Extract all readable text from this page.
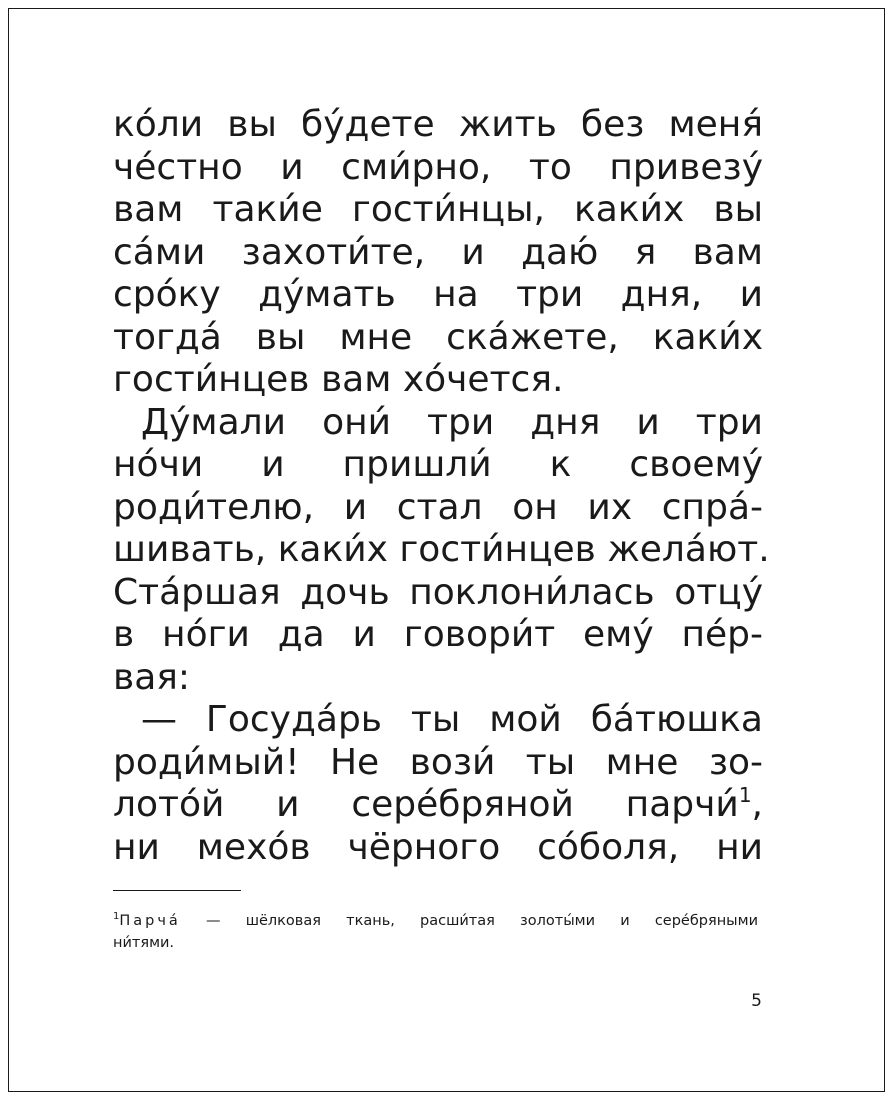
ко́ли вы бу́дете жить без меня́
че́стно и сми́рно, то привезу́
вам таки́е гости́нцы, каки́х вы
са́ми захоти́те, и даю́ я вам
сро́ку ду́мать на три дня, и
тогда́ вы мне ска́жете, каки́х
гости́нцев вам хо́чется.
Ду́мали они́ три дня и три
но́чи и пришли́ к своему́
роди́телю, и стал он их спра́-
шивать, каки́х гости́нцев жела́ют.
Ста́ршая дочь поклони́лась отцу́
в но́ги да и говори́т ему́ пе́р-
вая:
— Госуда́рь ты мой ба́тюшка
роди́мый! Не вози́ ты мне зо-
лото́й и сере́бряной парчи́$^1$,
ни мехо́в чёрного со́боля, ни
$^1$Парча́ — шёлковая ткань, расши́тая золоты́ми и сере́бряными
ни́тями.
5
